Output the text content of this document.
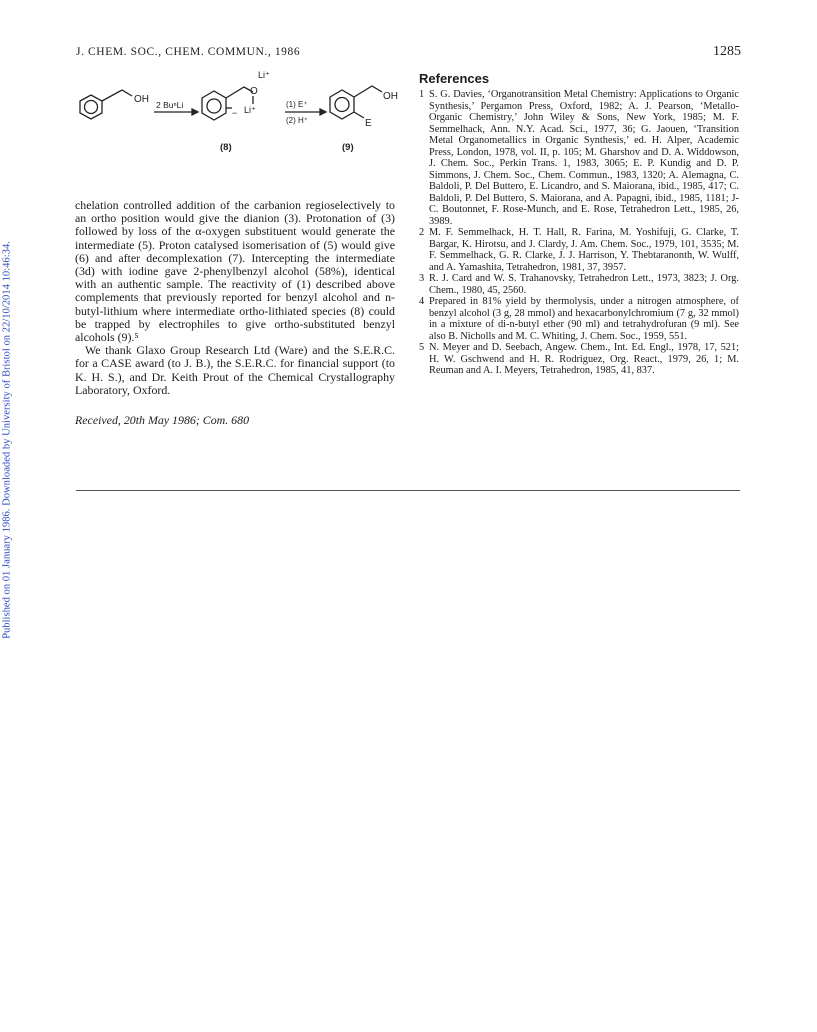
J. CHEM. SOC., CHEM. COMMUN., 1986	1285
Published on 01 January 1986. Downloaded by University of Bristol on 22/10/2014 10:46:34.
OH 2 BuⁿLi
Li⁺
O
− Li⁺
(1) E⁺
(2) H⁺
OH
E
(8)	(9)

chelation controlled addition of the carbanion regioselectively to an ortho position would give the dianion (3). Protonation of (3) followed by loss of the α-oxygen substituent would generate the intermediate (5). Proton catalysed isomerisation of (5) would give (6) and after decomplexation (7). Intercepting the intermediate (3d) with iodine gave 2-phenylbenzyl alcohol (58%), identical with an authentic sample. The reactivity of (1) described above complements that previously reported for benzyl alcohol and n-butyl-lithium where intermediate ortho-lithiated species (8) could be trapped by electrophiles to give ortho-substituted benzyl alcohols (9).⁵

We thank Glaxo Group Research Ltd (Ware) and the S.E.R.C. for a CASE award (to J. B.), the S.E.R.C. for financial support (to K. H. S.), and Dr. Keith Prout of the Chemical Crystallography Laboratory, Oxford.

Received, 20th May 1986; Com. 680

References
1 S. G. Davies, ‘Organotransition Metal Chemistry: Applications to Organic Synthesis,’ Pergamon Press, Oxford, 1982; A. J. Pearson, ‘Metallo-Organic Chemistry,’ John Wiley & Sons, New York, 1985; M. F. Semmelhack, Ann. N.Y. Acad. Sci., 1977, 36; G. Jaouen, ‘Transition Metal Organometallics in Organic Synthesis,’ ed. H. Alper, Academic Press, London, 1978, vol. II, p. 105; M. Gharshov and D. A. Widdowson, J. Chem. Soc., Perkin Trans. 1, 1983, 3065; E. P. Kundig and D. P. Simmons, J. Chem. Soc., Chem. Commun., 1983, 1320; A. Alemagna, C. Baldoli, P. Del Buttero, E. Licandro, and S. Maiorana, ibid., 1985, 417; C. Baldoli, P. Del Buttero, S. Maiorana, and A. Papagni, ibid., 1985, 1181; J-C. Boutonnet, F. Rose-Munch, and E. Rose, Tetrahedron Lett., 1985, 26, 3989.
2 M. F. Semmelhack, H. T. Hall, R. Farina, M. Yoshifuji, G. Clarke, T. Bargar, K. Hirotsu, and J. Clardy, J. Am. Chem. Soc., 1979, 101, 3535; M. F. Semmelhack, G. R. Clarke, J. J. Harrison, Y. Thebtaranonth, W. Wulff, and A. Yamashita, Tetrahedron, 1981, 37, 3957.
3 R. J. Card and W. S. Trahanovsky, Tetrahedron Lett., 1973, 3823; J. Org. Chem., 1980, 45, 2560.
4 Prepared in 81% yield by thermolysis, under a nitrogen atmosphere, of benzyl alcohol (3 g, 28 mmol) and hexacarbonylchromium (7 g, 32 mmol) in a mixture of di-n-butyl ether (90 ml) and tetrahydrofuran (9 ml). See also B. Nicholls and M. C. Whiting, J. Chem. Soc., 1959, 551.
5 N. Meyer and D. Seebach, Angew. Chem., Int. Ed. Engl., 1978, 17, 521; H. W. Gschwend and H. R. Rodriguez, Org. React., 1979, 26, 1; M. Reuman and A. I. Meyers, Tetrahedron, 1985, 41, 837.
